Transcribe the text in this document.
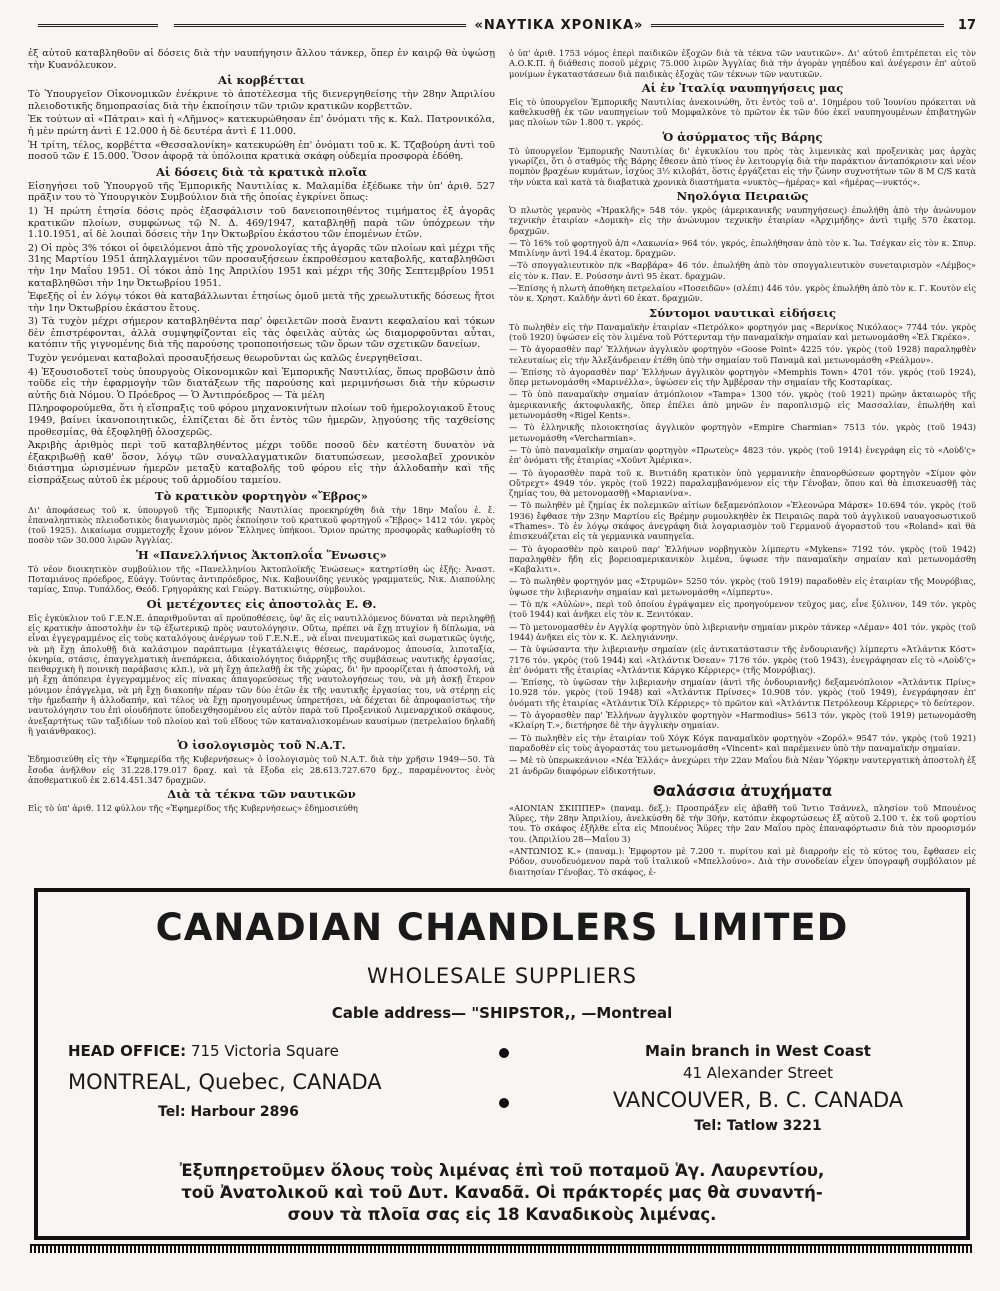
«ΝΑΥΤΙΚΑ ΧΡΟΝΙΚΑ»	17

ἐξ αὐτοῦ καταβληθοῦν αἱ δόσεις διὰ τὴν ναυπήγησιν ἄλλου τάνκερ, ὅπερ ἐν καιρῷ θὰ ὑψώσῃ τὴν Κυανόλευκον.

Αἱ κορβέτται

Τὸ Ὑπουργεῖον Οἰκονομικῶν ἐνέκρινε τὸ ἀποτέλεσμα τῆς διενεργηθείσης τὴν 28ην Ἀπριλίου πλειοδοτικῆς δημοπρασίας διὰ τὴν ἐκποίησιν τῶν τριῶν κρατικῶν κορβεττῶν.

Ἐκ τούτων αἱ «Πάτραι» καὶ ἡ «Λῆμνος» κατεκυρώθησαν ἐπ' ὀνόματι τῆς κ. Καλ. Πατρονικόλα, ἡ μὲν πρώτη ἀντὶ £ 12.000 ἡ δὲ δευτέρα ἀντὶ £ 11.000.

Ἡ τρίτη, τέλος, κορβέττα «Θεσσαλονίκη» κατεκυρώθη ἐπ' ὀνόματι τοῦ κ. Κ. Τζαβούρη ἀντὶ τοῦ ποσοῦ τῶν £ 15.000. Ὅσον ἀφορᾷ τὰ ὑπόλοιπα κρατικὰ σκάφη οὐδεμία προσφορὰ ἐδόθη.

Αἱ δόσεις διὰ τὰ κρατικὰ πλοῖα

Εἰσηγήσει τοῦ Ὑπουργοῦ τῆς Ἐμπορικῆς Ναυτιλίας κ. Μαλαμίδα ἐξέδωκε τὴν ὑπ' ἀριθ. 527 πρᾶξιν του τὸ Ὑπουργικὸν Συμβούλιον διὰ τῆς ὁποίας ἐγκρίνει ὅπως:

1) Ἡ πρώτη ἐτησία δόσις πρὸς ἐξασφάλισιν τοῦ δανειοποιηθέντος τιμήματος ἐξ ἀγορᾶς κρατικῶν πλοίων, συμφώνως τῷ Ν. Δ. 469/1947, καταβληθῇ παρὰ τῶν ὑπόχρεων τὴν 1.10.1951, αἱ δὲ λοιπαὶ δόσεις τὴν 1ην Ὀκτωβρίου ἑκάστου τῶν ἑπομένων ἐτῶν.

2) Οἱ πρὸς 3% τόκοι οἱ ὀφειλόμενοι ἀπὸ τῆς χρονολογίας τῆς ἀγορᾶς τῶν πλοίων καὶ μέχρι τῆς 31ης Μαρτίου 1951 ἀπηλλαγμένοι τῶν προσαυξήσεων ἐκπροθέσμου καταβολῆς, καταβληθῶσι τὴν 1ην Μαΐου 1951. Οἱ τόκοι ἀπὸ 1ης Ἀπριλίου 1951 καὶ μέχρι τῆς 30ῆς Σεπτεμβρίου 1951 καταβληθῶσι τὴν 1ην Ὀκτωβρίου 1951.

Ἐφεξῆς οἱ ἐν λόγῳ τόκοι θὰ καταβάλλωνται ἐτησίως ὁμοῦ μετὰ τῆς χρεωλυτικῆς δόσεως ἤτοι τὴν 1ην Ὀκτωβρίου ἑκάστου ἔτους.

3) Τὰ τυχὸν μέχρι σήμερον καταβληθέντα παρ' ὀφειλετῶν ποσὰ ἔναντι κεφαλαίου καὶ τόκων δὲν ἐπιστρέφονται, ἀλλὰ συμψηφίζονται εἰς τὰς ὀφειλὰς αὐτὰς ὡς διαμορφοῦνται αὗται, κατόπιν τῆς γιγνομένης διὰ τῆς παρούσης τροποποιήσεως τῶν ὅρων τῶν σχετικῶν δανείων.

Τυχὸν γενόμεναι καταβολαὶ προσαυξήσεως θεωροῦνται ὡς καλῶς ἐνεργηθεῖσαι.

4) Ἐξουσιοδοτεῖ τοὺς ὑπουργοὺς Οἰκονομικῶν καὶ Ἐμπορικῆς Ναυτιλίας, ὅπως προβῶσιν ἀπὸ τοῦδε εἰς τὴν ἐφαρμογὴν τῶν διατάξεων τῆς παρούσης καὶ μεριμνήσωσι διὰ τὴν κύρωσιν αὐτῆς διὰ Νόμου. Ὁ Πρόεδρος — Ὁ Ἀντιπρόεδρος — Τὰ μέλη

Πληροφορούμεθα, ὅτι ἡ εἴσπραξις τοῦ φόρου μηχανοκινήτων πλοίων τοῦ ἡμερολογιακοῦ ἔτους 1949, βαίνει ἱκανοποιητικῶς, ἐλπίζεται δὲ ὅτι ἐντὸς τῶν ἡμερῶν, λῃγούσης τῆς ταχθείσης προθεσμίας, θὰ ἐξοφληθῇ ὁλοσχερῶς.

Ἀκριβὴς ἀριθμὸς περὶ τοῦ καταβληθέντος μέχρι τοῦδε ποσοῦ δὲν κατέστη δυνατὸν νὰ ἐξακριβωθῇ καθ' ὅσον, λόγῳ τῶν συναλλαγματικῶν διατυπώσεων, μεσολαβεῖ χρονικὸν διάστημα ὡρισμένων ἡμερῶν μεταξὺ καταβολῆς τοῦ φόρου εἰς τὴν ἀλλοδαπὴν καὶ τῆς εἰσπράξεως αὐτοῦ ἐκ μέρους τοῦ ἁρμοδίου ταμείου.

Τὸ κρατικὸν φορτηγὸν «Ἔβρος»

Δι' ἀποφάσεως τοῦ κ. ὑπουργοῦ τῆς Ἐμπορικῆς Ναυτιλίας προεκηρύχθη διὰ τὴν 18ην Μαΐου ἐ. ἔ. ἐπαναληπτικὸς πλειοδοτικὸς διαγωνισμὸς πρὸς ἐκποίησιν τοῦ κρατικοῦ φορτηγοῦ «Ἔβρος» 1412 τόν. γκρὸς (τοῦ 1925). Δικαίωμα συμμετοχῆς ἔχουν μόνον Ἕλληνες ὑπήκοοι. Ὅριον πρώτης προσφορᾶς καθωρίσθη τὸ ποσὸν τῶν 30.000 λιρῶν Ἀγγλίας.

Ἡ «Πανελλήνιος Ἀκτοπλοΐα Ἕνωσις»

Τὸ νέον διοικητικὸν συμβούλιον τῆς «Πανελληνίου Ἀκτοπλοϊκῆς Ἑνώσεως» κατηρτίσθη ὡς ἑξῆς: Ἀναστ. Ποταμιάνος πρόεδρος, Εὐάγγ. Τούντας ἀντιπρόεδρος, Νικ. Καβουνίδης γενικὸς γραμματεύς, Νικ. Διαπούλης ταμίας, Σπυρ. Τυπάλδος, Θεόδ. Γρηγοράκης καὶ Γεώργ. Βατικιώτης, σύμβουλοι.

Οἱ μετέχοντες εἰς ἀποστολὰς Ε. Θ.

Εἰς ἐγκύκλιον τοῦ Γ.Ε.Ν.Ε. ἀπαριθμοῦνται αἱ προϋποθέσεις, ὑφ' ἃς εἰς ναυτιλλόμενος δύναται νὰ περιληφθῇ εἰς κρατικὴν ἀποστολὴν ἐν τῷ ἐξωτερικῷ πρὸς ναυτολόγησιν. Οὕτω, πρέπει νὰ ἔχῃ πτυχίον ἢ δίπλωμα, νὰ εἶναι ἐγγεγραμμένος εἰς τοὺς καταλόγους ἀνέργων τοῦ Γ.Ε.Ν.Ε., νὰ εἶναι πνευματικῶς καὶ σωματικῶς ὑγιής, νὰ μὴ ἔχῃ ἀπολυθῇ διὰ καλάσιμον παράπτωμα (ἐγκατάλειψις θέσεως, παράνομος ἀπουσία, λιποταξία, ὀκνηρία, στάσις, ἐπαγγελματικὴ ἀνεπάρκεια, ἀδικαιολόγητος διάρρηξις τῆς συμβάσεως ναυτικῆς ἐργασίας, πειθαρχικὴ ἢ ποινικὴ παράβασις κλπ.), νὰ μὴ ἔχῃ ἀπελαθῇ ἐκ τῆς χώρας, δι' ἣν προορίζεται ἡ ἀποστολή, νὰ μὴ ἔχῃ ἀπόπειρα ἐγγεγραμμένος εἰς πίνακας ἀπαγορεύσεως τῆς ναυτολογήσεως του, νὰ μὴ ἀσκῇ ἕτερον μόνιμον ἐπάγγελμα, νὰ μὴ ἔχῃ διακοπὴν πέραν τῶν δύο ἐτῶν ἐκ τῆς ναυτικῆς ἐργασίας του, νὰ στέρηῃ εἰς τὴν ἡμεδαπὴν ἢ ἀλλοδαπήν, καὶ τέλος νὰ ἔχῃ προηγουμένως ὑπηρετήσει, νὰ δέχεται δὲ ἀπροφασίστως τὴν ναυτολόγησιν του ἐπὶ οἱουδήποτε ὑποδειχθησομένου εἰς αὐτὸν παρὰ τοῦ Προξενικοῦ Λιμεναρχικοῦ σκάφους, ἀνεξαρτήτως τῶν ταξιδίων τοῦ πλοίου καὶ τοῦ εἴδους τῶν καταναλισκομένων καυσίμων (πετρελαίου δηλαδὴ ἢ γαιάνθρακος).

Ὁ ἰσολογισμὸς τοῦ Ν.Α.Τ.

Ἐδημοσιεύθη εἰς τὴν «Ἐφημερίδα τῆς Κυβερνήσεως» ὁ ἰσολογισμὸς τοῦ Ν.Α.Τ. διὰ τὴν χρῆσιν 1949—50. Τὰ ἔσοδα ἀνῆλθον εἰς 31.228.179.017 δραχ. καὶ τὰ ἔξοδα εἰς 28.613.727.670 δρχ., παραμένοντος ἑνὸς ἀποθεματικοῦ ἐκ 2.614.451.347 δραχμῶν.

Διὰ τὰ τέκνα τῶν ναυτικῶν

Εἰς τὸ ὑπ' ἀριθ. 112 φύλλον τῆς «Ἐφημερίδος τῆς Κυβερνήσεως» ἐδημοσιεύθη

ὁ ὑπ' ἀριθ. 1753 νόμος ἐπερὶ παιδικῶν ἐξοχῶν διὰ τὰ τέκνα τῶν ναυτικῶν». Δι' αὐτοῦ ἐπιτρέπεται εἰς τὸν Α.Ο.Κ.Π. ἡ διάθεσις ποσοῦ μέχρις 75.000 λιρῶν Ἀγγλίας διὰ τὴν ἀγορὰν γηπέδου καὶ ἀνέγερσιν ἐπ' αὐτοῦ μονίμων ἐγκαταστάσεων διὰ παιδικὰς ἐξοχὰς τῶν τέκνων τῶν ναυτικῶν.

Αἱ ἐν Ἰταλίᾳ ναυπηγήσεις μας

Εἰς τὸ ὑπουργεῖον Ἐμπορικῆς Ναυτιλίας ἀνεκοινώθη, ὅτι ἐντὸς τοῦ α'. 10ημέρου τοῦ Ἰουνίου πρόκειται νὰ καθελκυσθῇ ἐκ τῶν ναυπηγείων τοῦ Μομφαλκὸνε τὸ πρῶτον ἐκ τῶν δύο ἐκεῖ ναυπηγουμένων ἐπιβατηγῶν μας πλοίων τῶν 1.800 τ. γκρός.

Ὁ ἀσύρματος τῆς Βάρης

Τὸ ὑπουργεῖον Ἐμπορικῆς Ναυτιλίας δι' ἐγκυκλίου του πρὸς τὰς λιμενικὰς καὶ προξενικὰς μας ἀρχὰς γνωρίζει, ὅτι ὁ σταθμὸς τῆς Βάρης ἔθεσεν ἀπὸ τίνος ἐν λειτουργίᾳ διὰ τὴν παράκτιον ἀνταπόκρισιν καὶ νέον πομπὸν βραχέων κυμάτων, ἰσχύος 3½ κιλοβάτ, ὅστις ἐργάζεται εἰς τὴν ζώνην συχνοτήτων τῶν 8 Μ C/S κατὰ τὴν νύκτα καὶ κατὰ τὰ διαβατικὰ χρονικὰ διαστήματα «νυκτὸς—ἡμέρας» καὶ «ἡμέρας—νυκτός».

Νηολόγια Πειραιῶς

Ὁ πλωτὸς γερανὸς «Ἡρακλῆς» 548 τόν. γκρὸς (ἀμερικανικῆς ναυπηγήσεως) ἐπωλήθη ἀπὸ τὴν ἀνώνυμον τεχνικὴν ἑταιρίαν «Δομικὴ» εἰς τὴν ἀνώνυμον τεχνικὴν ἑταιρίαν «Ἀρχιμήδης» ἀντὶ τιμῆς 570 ἑκατομ. δραχμῶν.

— Τὸ 16% τοῦ φορτηγοῦ ἀ/π «Λακωνία» 964 τόν. γκρός, ἐπωλήθησαν ἀπὸ τὸν κ. Ἰω. Τσέγκαν εἰς τὸν κ. Σπυρ. Μπιλίνην ἀντὶ 194.4 ἑκατομ. δραχμῶν.

—Τὸ σπογγαλιευτικὸν π/κ «Βαρβάρα» 46 τόν. ἐπωλήθη ἀπὸ τὸν σπογγαλιευτικὸν συνεταιρισμὸν «Λέμβος» εἰς τὸν κ. Παν. Ε. Ρούσσην ἀντὶ 95 ἑκατ. δραχμῶν.

—Ἐπίσης ἡ πλωτὴ ἀποθήκη πετρελαίου «Ποσειδῶν» (σλέπι) 446 τόν. γκρὸς ἐπωλήθη ἀπὸ τὸν κ. Γ. Κουτὸν εἰς τὸν κ. Χρηστ. Καλδὴν ἀντὶ 60 ἑκατ. δραχμῶν.

Σύντομοι ναυτικαὶ εἰδήσεις

Τὸ πωληθὲν εἰς τὴν Παναμαϊκὴν ἑταιρίαν «Πετρόλκο» φορτηγόν μας «Βερνίκος Νικόλαος» 7744 τόν. γκρὸς (τοῦ 1920) ὑψώσεν εἰς τὸν λιμένα τοῦ Ρόττερνταμ τὴν παναμαϊκὴν σημαίαν καὶ μετωνομάσθη «Ἐλ Γκρέκο».

— Τὸ ἀγορασθὲν παρ' Ἑλλήνων ἀγγλικὸν φορτηγὸν «Goose Point» 4225 τόν. γκρὸς (τοῦ 1928) παραληφθὲν τελευταίως εἰς τὴν Ἀλεξάνδρειαν ἐτέθη ὑπὸ τὴν σημαίαν τοῦ Παναμᾶ καὶ μετωνομάσθη «Ρεάλμον».

— Ἐπίσης τὸ ἀγορασθὲν παρ' Ἑλλήνων ἀγγλικὸν φορτηγὸν «Memphis Town» 4701 τόν. γκρὸς (τοῦ 1924), ὅπερ μετωνομάσθη «Μαρινέλλα», ὑψώσεν εἰς τὴν Ἀμβέρσαν τὴν σημαίαν τῆς Κοσταρίκας.

— Τὸ ὑπὸ παναμαϊκὴν σημαίαν ἀτμόπλοιον «Tampa» 1300 τόν. γκρὸς (τοῦ 1921) πρώην ἀκταιωρὸς τῆς ἀμερικανικῆς ἀκτοφυλακῆς, ὅπερ ἐπέλει ἀπὸ μηνῶν ἐν παροπλισμῷ εἰς Μασσαλίαν, ἐπωλήθη καὶ μετωνομάσθη «Rigel Kents».

— Τὸ ἑλληνικῆς πλοιοκτησίας ἀγγλικὸν φορτηγὸν «Empire Charmian» 7513 τόν. γκρὸς (τοῦ 1943) μετωνομάσθη «Vercharmian».

— Τὸ ὑπὸ παναμαϊκὴν σημαίαν φορτηγὸν «Πρωτεὺς» 4823 τόν. γκρὸς (τοῦ 1914) ἐνεγράφη εἰς τὸ «Λοὺδ'ς» ἐπ' ὀνόματι τῆς ἑταιρίας «Χοῦντ Ἀμέρικα».

— Τὸ ἀγορασθὲν παρὰ τοῦ κ. Βιντιάδη κρατικὸν ὑπὸ γερμανικὴν ἐπανορθώσεων φορτηγὸν «Σίμον φὸν Οὔτρεχτ» 4949 τόν. γκρὸς (τοῦ 1922) παραλαμβανόμενον εἰς τὴν Γένοβαν, ὅπου καὶ θὰ ἐπισκευασθῇ τὰς ζημίας του, θὰ μετονομασθῇ «Μαριανίνα».

— Τὸ πωληθὲν μὲ ζημίας ἐκ πολεμικῶν αἰτίων δεξαμενόπλοιον «Ἐλεονώρα Μάρσκ» 10.694 τόν. γκρὸς (τοῦ 1936) ἔφθασε τὴν 23ην Μαρτίου εἰς Βρέμην ρυμουλκηθὲν ἐκ Πειραιῶς παρὰ τοῦ ἀγγλικοῦ ναυαγοσωστικοῦ «Thames». Τὸ ἐν λόγῳ σκάφος ἀνεγράφη διὰ λογαριασμὸν τοῦ Γερμανοῦ ἀγοραστοῦ του «Roland» καὶ θὰ ἐπισκευάζεται εἰς τὰ γερμανικὰ ναυπηγεῖα.

— Τὸ ἀγορασθὲν πρὸ καιροῦ παρ' Ἑλλήνων νορβηγικὸν λίμπερτυ «Mykens» 7192 τόν. γκρὸς (τοῦ 1942) παραληφθὲν ἤδη εἰς βορειοαμερικανικὸν λιμένα, ὑψωσε τὴν παναμαϊκὴν σημαίαν καὶ μετωνομάσθη «Καβαλιτι».

— Τὸ πωληθὲν φορτηγόν μας «Στρυμῶν» 5250 τόν. γκρὸς (τοῦ 1919) παραδοθὲν εἰς ἑταιρίαν τῆς Μονρόβιας, ὑψωσε τὴν λιβεριανὴν σημαίαν καὶ μετωνομάσθη «Λίμπερτυ».

— Τὸ π/κ «Αὐλὼν», περὶ τοῦ ὁποίου ἐγράψαμεν εἰς προηγούμενον τεῦχος μας, εἶνε ξύλινον, 149 τόν. γκρὸς (τοῦ 1944) καὶ ἀνῆκει εἰς τὸν κ. Ξενιτόκαν.

— Τὸ μετονομασθὲν ἐν Αγγλίᾳ φορτηγὸν ὑπὸ λιβεριανὴν σημαίαν μικρὸν τάνκερ «Λέμαν» 401 τόν. γκρὸς (τοῦ 1944) ἀνῆκει εἰς τὸν κ. Κ. Δεληγιάννην.

— Τὰ ὑψώσαντα τὴν λιβεριανὴν σημαίαν (εἰς ἀντικατάστασιν τῆς ἑνδουριανῆς) λίμπερτυ «Ἀτλάντικ Κόστ» 7176 τόν. γκρὸς (τοῦ 1944) καὶ «Ἀτλάντικ Ὀσεαν» 7176 τόν. γκρὸς (τοῦ 1943), ἐνεγράφησαν εἰς τὸ «Λοὺδ'ς» ἐπ' ὀνόματι τῆς ἑταιρίας «Ἀτλάντικ Κάργκο Κέρριερς» (τῆς Μονρόβιας).

— Ἐπίσης, τὸ ὑψῶσαν τὴν λιβεριανὴν σημαίαν (ἀντὶ τῆς ὁνδουριανῆς) δεξαμενόπλοιον «Ἀτλάντικ Πρίνς» 10.928 τόν. γκρὸς (τοῦ 1948) καὶ «Ἀτλάντικ Πρίνσες» 10.908 τόν. γκρὸς (τοῦ 1949), ἐνεγράφησαν ἐπ' ὀνόματι τῆς ἑταιρίας «Ἀτλάντικ Ὄϊλ Κέρριερς» τὸ πρῶτον καὶ «Ἀτλάντικ Πετρόλεουμ Κέρριερς» τὸ δεύτερον.

— Τὸ ἀγορασθὲν παρ' Ἑλλήνων ἀγγλικὸν φορτηγὸν «Harmodius» 5613 τόν. γκρὸς (τοῦ 1919) μετωνομάσθη «Κλαίρη Τ.», διετήρησε δὲ τὴν ἀγγλικὴν σημαίαν.

— Τὸ πωληθὲν εἰς τὴν ἑταιρίαν τοῦ Χόγκ Κόγκ παναμαϊκὸν φορτηγὸν «Ζορόλ» 9547 τόν. γκρὸς (τοῦ 1921) παραδοθὲν εἰς τοὺς ἀγοραστάς του μετωνομάσθη «Vincent» καὶ παρέμεινεν ὑπὸ τὴν παναμαϊκὴν σημαίαν.

— Μὲ τὸ ὑπερωκεάνιον «Νέα Ἑλλάς» ἀνεχώρει τὴν 22αν Μαΐου διὰ Νέαν Ὑόρκην ναυτεργατικὴ ἀποστολὴ ἐξ 21 ἀνδρῶν διαφόρων εἰδικοτήτων.

Θαλάσσια ἀτυχήματα

«ΑΙΟΝΙΑΝ ΣΚΙΠΠΕΡ» (παναμ. δεξ.): Προσπράξεν εἰς ἀβαθῆ τοῦ Ἰντιο Τσάννελ, πλησίον τοῦ Μπουένος Ἄϋρες, τὴν 28ην Ἀπριλίου, ἀνελκύσθη δὲ τὴν 30ήν, κατόπιν ἐκφορτώσεως ἐξ αὐτοῦ 2.100 τ. ἐκ τοῦ φορτίου του. Τὸ σκάφος ἐξῆλθε εἶτα εἰς Μπουένος Ἄϋρες τὴν 2αν Μαΐου πρὸς ἐπαναφόρτωσιν διὰ τὸν προορισμόν του. (Ἀπριλίου 28—Μαΐου 3)

«ΑΝΤΩΝΙΟΣ Κ.» (παναμ.): Ἐμφορτον μὲ 7.200 τ. πυρίτου καὶ μὲ διαρροὴν εἰς τὸ κύτος του, ἔφθασεν εἰς Ρόδον, συνοδευόμενον παρὰ τοῦ ἰταλικοῦ «Μπελλούνο». Διὰ τὴν συνοδείαν εἶχεν ὑπογραφῆ συμβόλαιον μὲ διαιτησίαν Γένοβας. Τὸ σκάφος, ἐ-

CANADIAN CHANDLERS LIMITED
WHOLESALE SUPPLIERS
Cable address— "SHIPSTOR,, —Montreal
HEAD OFFICE: 715 Victoria Square
MONTREAL, Quebec, CANADA
Tel: Harbour 2896
Main branch in West Coast
41 Alexander Street
VANCOUVER, B. C. CANADA
Tel: Tatlow 3221
Ἐξυπηρετοῦμεν ὅλους τοὺς λιμένας ἐπὶ τοῦ ποταμοῦ Ἁγ. Λαυρεντίου,
τοῦ Ἀνατολικοῦ καὶ τοῦ Δυτ. Καναδᾶ. Οἱ πράκτορές μας θὰ συναντή-
σουν τὰ πλοῖα σας εἰς 18 Καναδικοὺς λιμένας.
